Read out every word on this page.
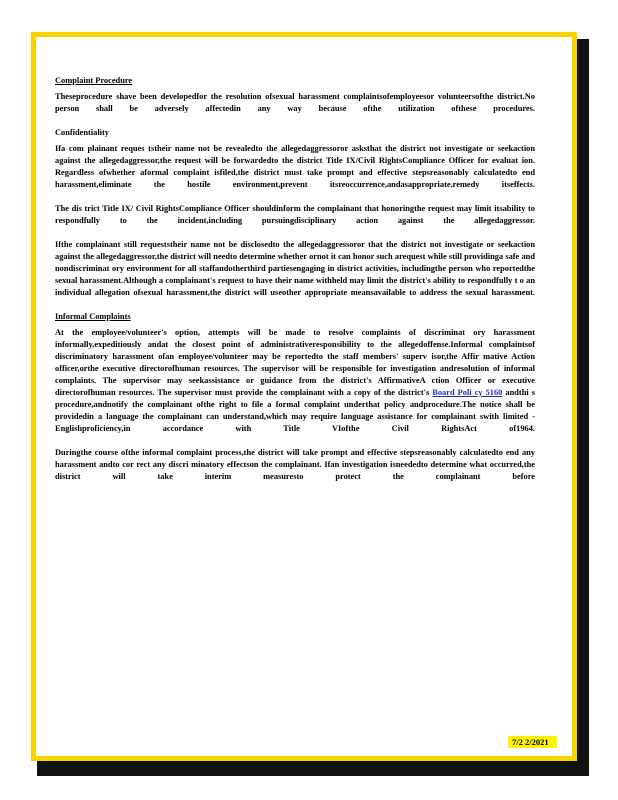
Complaint Procedure

Theseprocedure shave been developedfor the resolution ofsexual harassment complaintsofemployeesor volunteersofthe district.No person shall be adversely affectedin any way because ofthe utilization ofthese procedures.

Confidentiality

Ifa com plainant reques tstheir name not be revealedto the allegedaggressoror asksthat the district not investigate or seekaction against the allegedaggressor,the request will be forwardedto the district Title IX/Civil RightsCompliance Officer for evaluat ion. Regardless ofwhether aformal complaint isfiled,the district must take prompt and effective stepsreasonably calculatedto end harassment,eliminate the hostile environment,prevent itsreoccurrence,andasappropriate,remedy itseffects.

The dis trict Title IX/ Civil RightsCompliance Officer shouldinform the complainant that honoringthe request may limit itsability to respondfully to the incident,including pursuingdisciplinary action against the allegedaggressor.

Ifthe complainant still requeststheir name not be disclosedto the allegedaggressoror that the district not investigate or seekaction against the allegedaggressor,the district will needto determine whether ornot it can honor such arequest while still providinga safe and nondiscriminat ory environment for all staffandotherthird partiesengaging in district activities, includingthe person who reportedthe sexual harassment.Although a complainant's request to have their name withheld may limit the district's ability to respondfully t o an individual allegation ofsexual harassment,the district will useother appropriate meansavailable to address the sexual harassment.

Informal Complaints

At the employee/volunteer's option, attempts will be made to resolve complaints of discriminat ory harassment informally,expeditiously andat the closest point of administrativeresponsibility to the allegedoffense.Informal complaintsof discriminatory harassment ofan employee/volunteer may be reportedto the staff members' superv isor,the Affir mative Action officer,orthe executive directorofhuman resources. The supervisor will be responsible for investigation andresolution of informal complaints. The supervisor may seekassistance or guidance from the district's AffirmativeA ction Officer or executive directorofhuman resources. The supervisor must provide the complainant with a copy of the district's Board Poli cy 5160 andthi s procedure,andnotify the complainant ofthe right to file a formal complaint underthat policy andprocedure.The notice shall be providedin a language the complainant can understand,which may require language assistance for complainant swith limited - Englishproficiency,in accordance with Title VIofthe Civil RightsAct of1964.

Duringthe course ofthe informal complaint process,the district will take prompt and effective stepsreasonably calculatedto end any harassment andto cor rect any discri minatory effectson the complainant. Ifan investigation isneededto determine what occurred,the district will take interim measuresto protect the complainant before

7/2 2/2021
